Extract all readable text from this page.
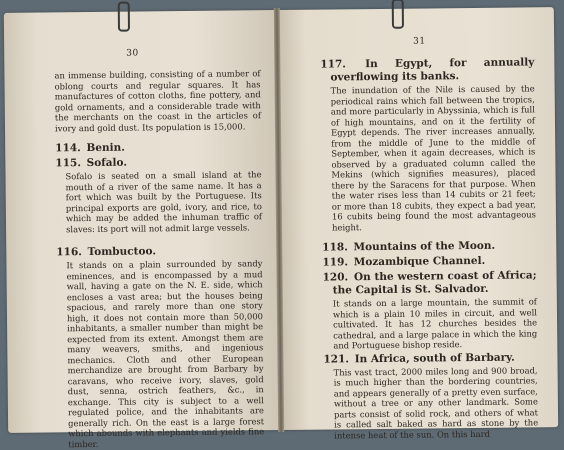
30

an immense building, consisting of a number of oblong courts and regular squares. It has manufactures of cotton cloths, fine pottery, and gold ornaments, and a considerable trade with the merchants on the coast in the articles of ivory and gold dust. Its population is 15,000.

114. Benin.
115. Sofalo.

Sofalo is seated on a small island at the mouth of a river of the same name. It has a fort which was built by the Portuguese. Its principal exports are gold, ivory, and rice, to which may be added the inhuman traffic of slaves: its port will not admit large vessels.

116. Tombuctoo.

It stands on a plain surrounded by sandy eminences, and is encompassed by a mud wall, having a gate on the N. E. side, which encloses a vast area; but the houses being spacious, and rarely more than one story high, it does not contain more than 50,000 inhabitants, a smaller number than might be expected from its extent. Amongst them are many weavers, smiths, and ingenious mechanics. Cloth and other European merchandize are brought from Barbary by caravans, who receive ivory, slaves, gold dust, senna, ostrich feathers, &c., in exchange. This city is subject to a well regulated police, and the inhabitants are generally rich. On the east is a large forest which abounds with elephants and yields fine timber.

31
117. In Egypt, for annually overflowing its banks.

The inundation of the Nile is caused by the periodical rains which fall between the tropics, and more particularly in Abyssinia, which is full of high mountains, and on it the fertility of Egypt depends. The river increases annually, from the middle of June to the middle of September, when it again decreases, which is observed by a graduated column called the Mekins (which signifies measures), placed there by the Saracens for that purpose. When the water rises less than 14 cubits or 21 feet; or more than 18 cubits, they expect a bad year, 16 cubits being found the most advantageous height.

118. Mountains of the Moon.
119. Mozambique Channel.
120. On the western coast of Africa; the Capital is St. Salvador.

It stands on a large mountain, the summit of which is a plain 10 miles in circuit, and well cultivated. It has 12 churches besides the cathedral, and a large palace in which the king and Portuguese bishop reside.

121. In Africa, south of Barbary.

This vast tract, 2000 miles long and 900 broad, is much higher than the bordering countries, and appears generally of a pretty even surface, without a tree or any other landmark. Some parts consist of solid rock, and others of what is called salt baked as hard as stone by the intense heat of the sun. On this hard
